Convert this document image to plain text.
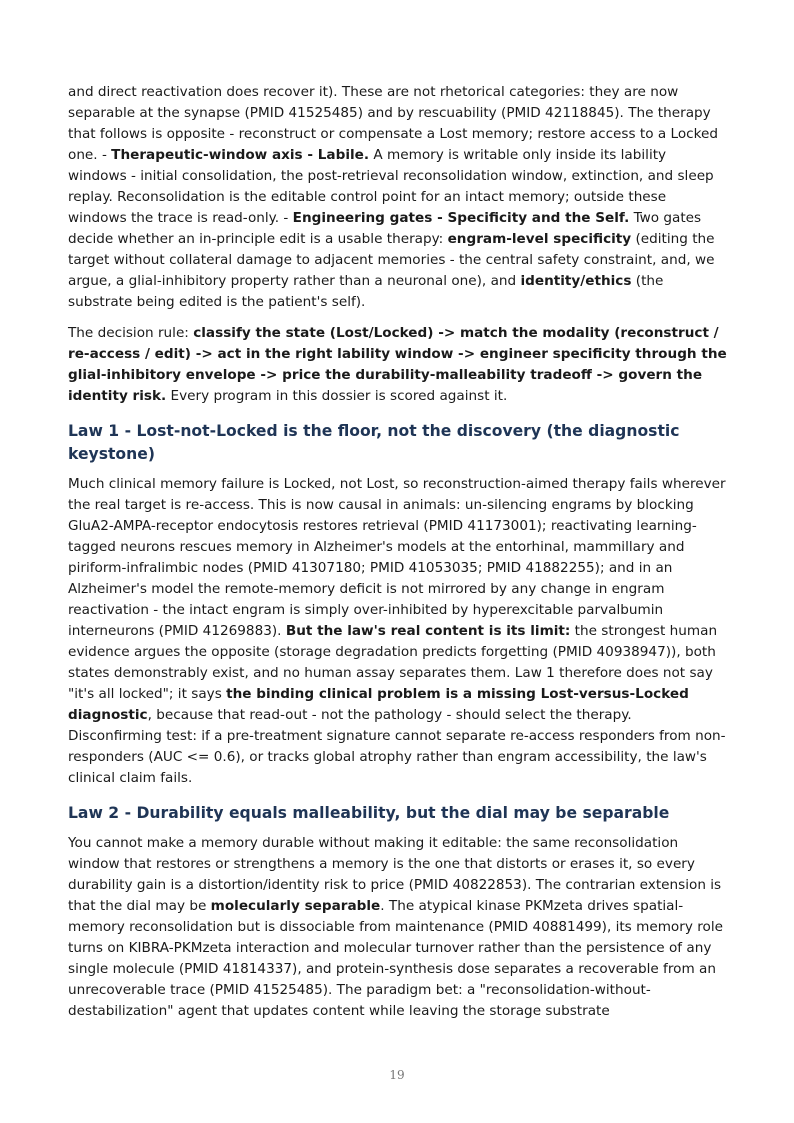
and direct reactivation does recover it). These are not rhetorical categories: they are now separable at the synapse (PMID 41525485) and by rescuability (PMID 42118845). The therapy that follows is opposite - reconstruct or compensate a Lost memory; restore access to a Locked one. - Therapeutic-window axis - Labile. A memory is writable only inside its lability windows - initial consolidation, the post-retrieval reconsolidation window, extinction, and sleep replay. Reconsolidation is the editable control point for an intact memory; outside these windows the trace is read-only. - Engineering gates - Specificity and the Self. Two gates decide whether an in-principle edit is a usable therapy: engram-level specificity (editing the target without collateral damage to adjacent memories - the central safety constraint, and, we argue, a glial-inhibitory property rather than a neuronal one), and identity/ethics (the substrate being edited is the patient's self).

The decision rule: classify the state (Lost/Locked) -> match the modality (reconstruct / re-access / edit) -> act in the right lability window -> engineer specificity through the glial-inhibitory envelope -> price the durability-malleability tradeoff -> govern the identity risk. Every program in this dossier is scored against it.

Law 1 - Lost-not-Locked is the floor, not the discovery (the diagnostic keystone)

Much clinical memory failure is Locked, not Lost, so reconstruction-aimed therapy fails wherever the real target is re-access. This is now causal in animals: un-silencing engrams by blocking GluA2-AMPA-receptor endocytosis restores retrieval (PMID 41173001); reactivating learning-tagged neurons rescues memory in Alzheimer's models at the entorhinal, mammillary and piriform-infralimbic nodes (PMID 41307180; PMID 41053035; PMID 41882255); and in an Alzheimer's model the remote-memory deficit is not mirrored by any change in engram reactivation - the intact engram is simply over-inhibited by hyperexcitable parvalbumin interneurons (PMID 41269883). But the law's real content is its limit: the strongest human evidence argues the opposite (storage degradation predicts forgetting (PMID 40938947)), both states demonstrably exist, and no human assay separates them. Law 1 therefore does not say "it's all locked"; it says the binding clinical problem is a missing Lost-versus-Locked diagnostic, because that read-out - not the pathology - should select the therapy. Disconfirming test: if a pre-treatment signature cannot separate re-access responders from non-responders (AUC <= 0.6), or tracks global atrophy rather than engram accessibility, the law's clinical claim fails.

Law 2 - Durability equals malleability, but the dial may be separable

You cannot make a memory durable without making it editable: the same reconsolidation window that restores or strengthens a memory is the one that distorts or erases it, so every durability gain is a distortion/identity risk to price (PMID 40822853). The contrarian extension is that the dial may be molecularly separable. The atypical kinase PKMzeta drives spatial-memory reconsolidation but is dissociable from maintenance (PMID 40881499), its memory role turns on KIBRA-PKMzeta interaction and molecular turnover rather than the persistence of any single molecule (PMID 41814337), and protein-synthesis dose separates a recoverable from an unrecoverable trace (PMID 41525485). The paradigm bet: a "reconsolidation-without-destabilization" agent that updates content while leaving the storage substrate

19
